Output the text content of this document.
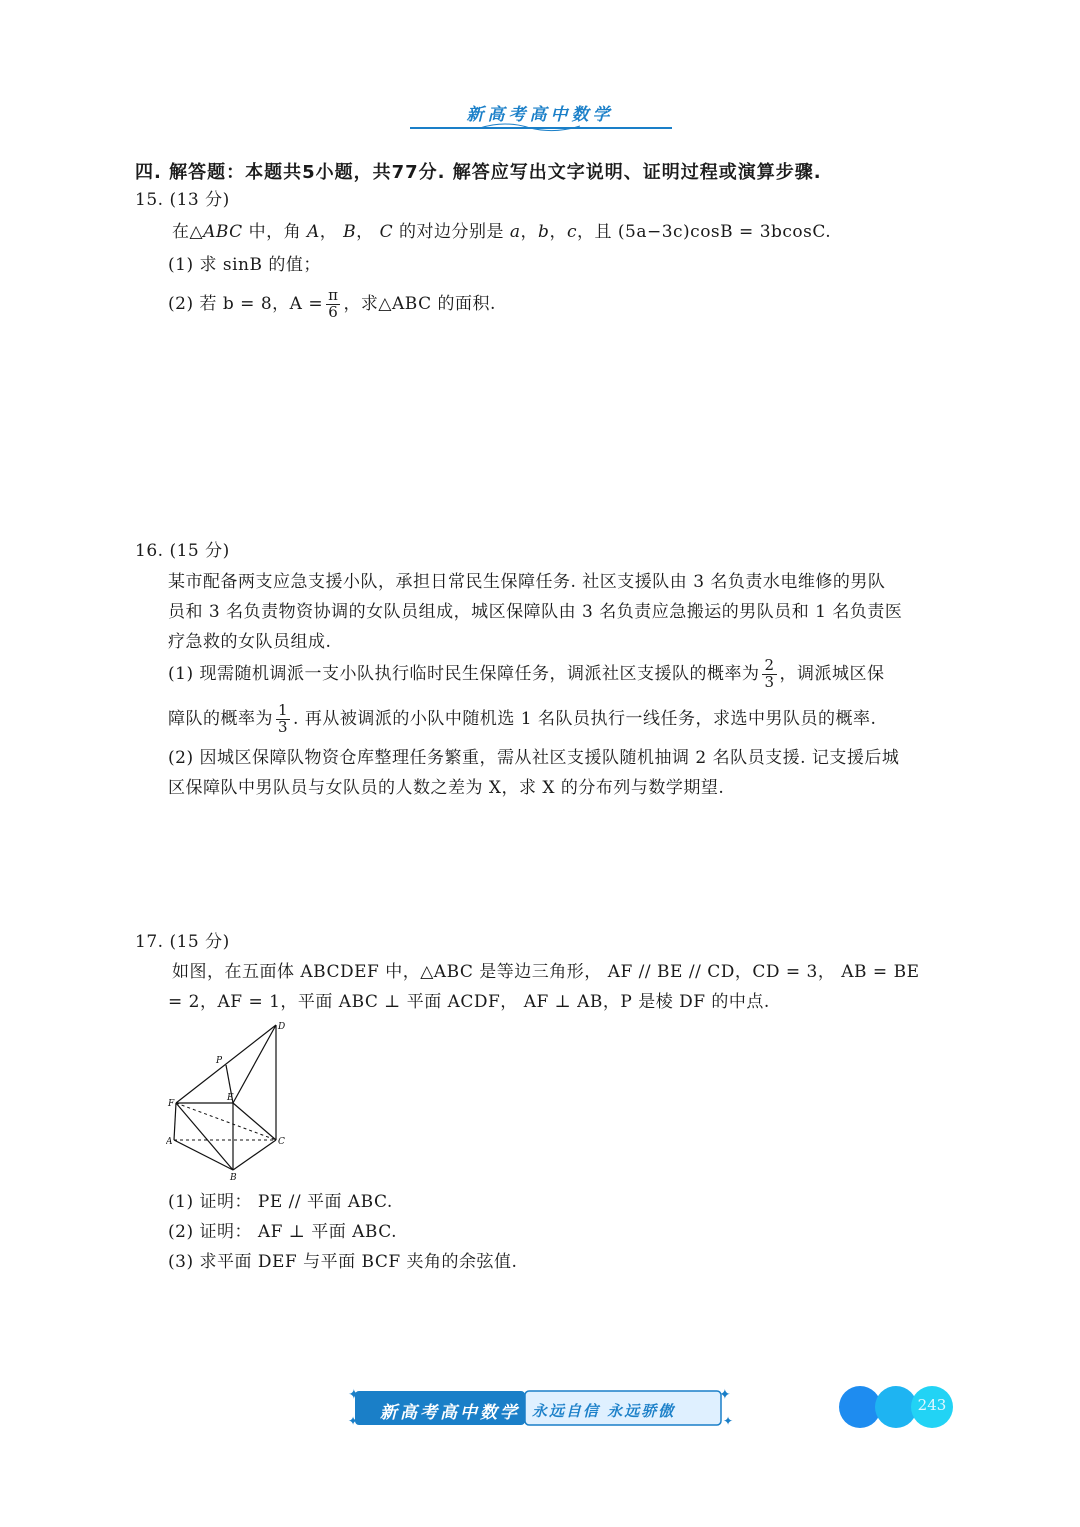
新高考高中数学
四. 解答题：本题共5小题，共77分. 解答应写出文字说明、证明过程或演算步骤.
15. (13 分)
在△ABC 中，角 A， B， C 的对边分别是 a，b，c，且 (5a−3c)cosB = 3bcosC.
(1) 求 sinB 的值；
(2) 若 b = 8，$A = \frac{\pi}{6}$ ，求△ABC 的面积.
16. (15 分)
某市配备两支应急支援小队，承担日常民生保障任务. 社区支援队由 3 名负责水电维修的男队
员和 3 名负责物资协调的女队员组成，城区保障队由 3 名负责应急搬运的男队员和 1 名负责医
疗急救的女队员组成.
(1) 现需随机调派一支小队执行临时民生保障任务，调派社区支援队的概率为 $\frac{2}{3}$ ，调派城区保
障队的概率为 $\frac{1}{3}$ . 再从被调派的小队中随机选 1 名队员执行一线任务，求选中男队员的概率.
(2) 因城区保障队物资仓库整理任务繁重，需从社区支援队随机抽调 2 名队员支援. 记支援后城
区保障队中男队员与女队员的人数之差为 X，求 X 的分布列与数学期望.
17. (15 分)
如图，在五面体 ABCDEF 中，△ABC 是等边三角形， AF // BE // CD，CD = 3， AB = BE
= 2，AF = 1，平面 ABC ⊥ 平面 ACDF， AF ⊥ AB，P 是棱 DF 的中点.
D
P
E
F
A	C
B
(1) 证明： PE // 平面 ABC.
(2) 证明： AF ⊥ 平面 ABC.
(3) 求平面 DEF 与平面 BCF 夹角的余弦值.
✦
✦
✦
✦
新高考高中数学 永远自信 永远骄傲	243
